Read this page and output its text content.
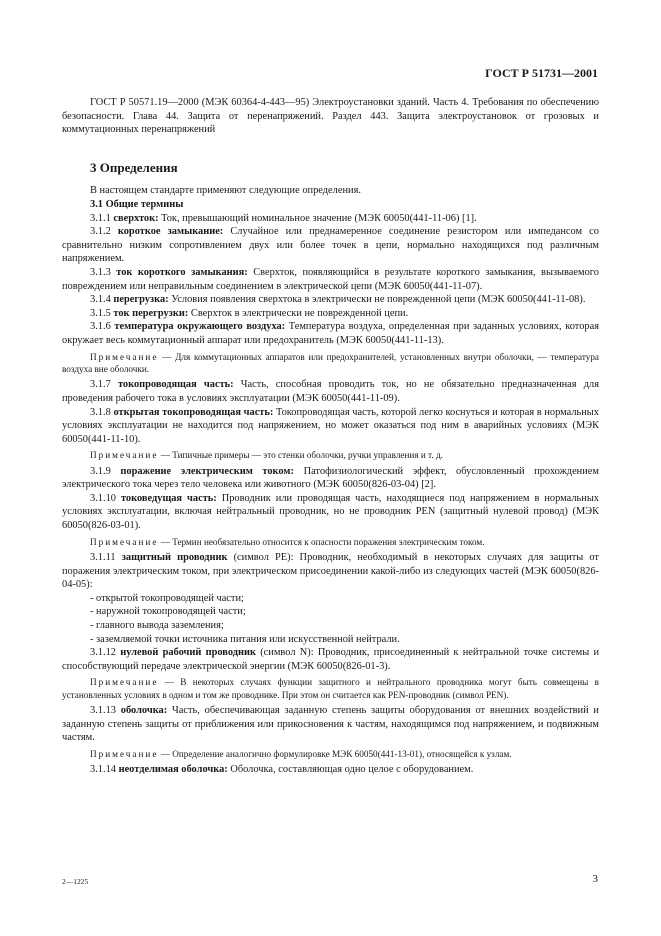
ГОСТ Р 51731—2001

ГОСТ Р 50571.19—2000 (МЭК 60364-4-443—95) Электроустановки зданий. Часть 4. Требования по обеспечению безопасности. Глава 44. Защита от перенапряжений. Раздел 443. Защита электроустановок от грозовых и коммутационных перенапряжений

3 Определения

В настоящем стандарте применяют следующие определения.

3.1 Общие термины

3.1.1 сверхток: Ток, превышающий номинальное значение (МЭК 60050(441-11-06) [1].

3.1.2 короткое замыкание: Случайное или преднамеренное соединение резистором или импедансом со сравнительно низким сопротивлением двух или более точек в цепи, нормально находящихся под различным напряжением.

3.1.3 ток короткого замыкания: Сверхток, появляющийся в результате короткого замыкания, вызываемого повреждением или неправильным соединением в электрической цепи (МЭК 60050(441-11-07).

3.1.4 перегрузка: Условия появления сверхтока в электрически не поврежденной цепи (МЭК 60050(441-11-08).

3.1.5 ток перегрузки: Сверхток в электрически не поврежденной цепи.

3.1.6 температура окружающего воздуха: Температура воздуха, определенная при заданных условиях, которая окружает весь коммутационный аппарат или предохранитель (МЭК 60050(441-11-13).

Примечание — Для коммутационных аппаратов или предохранителей, установленных внутри оболочки, — температура воздуха вне оболочки.

3.1.7 токопроводящая часть: Часть, способная проводить ток, но не обязательно предназначенная для проведения рабочего тока в условиях эксплуатации (МЭК 60050(441-11-09).

3.1.8 открытая токопроводящая часть: Токопроводящая часть, которой легко коснуться и которая в нормальных условиях эксплуатации не находится под напряжением, но может оказаться под ним в аварийных условиях (МЭК 60050(441-11-10).

Примечание — Типичные примеры — это стенки оболочки, ручки управления и т. д.

3.1.9 поражение электрическим током: Патофизиологический эффект, обусловленный прохождением электрического тока через тело человека или животного (МЭК 60050(826-03-04) [2].

3.1.10 токоведущая часть: Проводник или проводящая часть, находящиеся под напряжением в нормальных условиях эксплуатации, включая нейтральный проводник, но не проводник PEN (защитный нулевой провод) (МЭК 60050(826-03-01).

Примечание — Термин необязательно относится к опасности поражения электрическим током.

3.1.11 защитный проводник (символ PE): Проводник, необходимый в некоторых случаях для защиты от поражения электрическим током, при электрическом присоединении какой-либо из следующих частей (МЭК 60050(826-04-05):

- открытой токопроводящей части;

- наружной токопроводящей части;

- главного вывода заземления;

- заземляемой точки источника питания или искусственной нейтрали.

3.1.12 нулевой рабочий проводник (символ N): Проводник, присоединенный к нейтральной точке системы и способствующий передаче электрической энергии (МЭК 60050(826-01-3).

Примечание — В некоторых случаях функции защитного и нейтрального проводника могут быть совмещены в установленных условиях в одном и том же проводнике. При этом он считается как PEN-проводник (символ PEN).

3.1.13 оболочка: Часть, обеспечивающая заданную степень защиты оборудования от внешних воздействий и заданную степень защиты от приближения или прикосновения к частям, находящимся под напряжением, и подвижным частям.

Примечание — Определение аналогично формулировке МЭК 60050(441-13-01), относящейся к узлам.

3.1.14 неотделимая оболочка: Оболочка, составляющая одно целое с оборудованием.

2—1225	3
